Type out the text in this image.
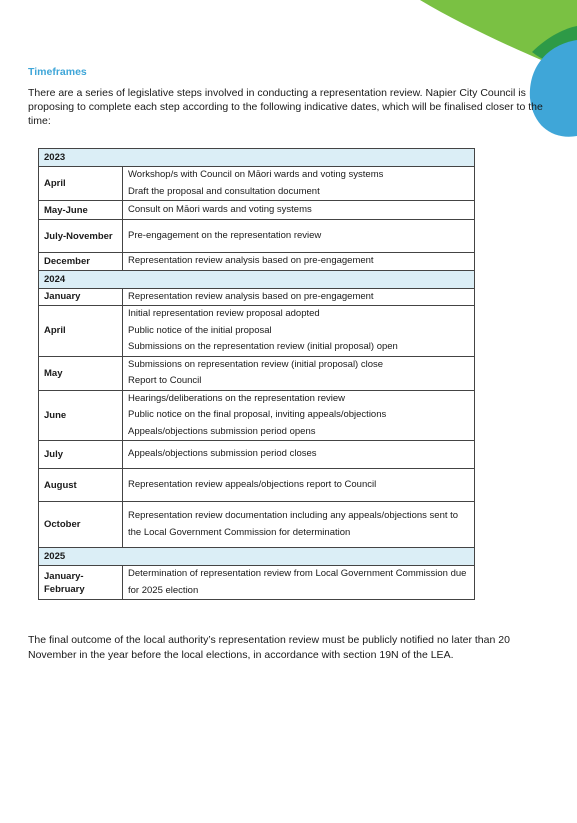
Timeframes

There are a series of legislative steps involved in conducting a representation review. Napier City Council is proposing to complete each step according to the following indicative dates, which will be finalised closer to the time:

2023	
April	Workshop/s with Council on Māori wards and voting systems
Draft the proposal and consultation document

May-June	Consult on Māori wards and voting systems

July-November	Pre-engagement on the representation review

December	Representation review analysis based on pre-engagement

2024	
January	Representation review analysis based on pre-engagement

April	Initial representation review proposal adopted
Public notice of the initial proposal
Submissions on the representation review (initial proposal) open

May	Submissions on representation review (initial proposal) close
Report to Council

June	Hearings/deliberations on the representation review
Public notice on the final proposal, inviting appeals/objections
Appeals/objections submission period opens

July	Appeals/objections submission period closes

August	Representation review appeals/objections report to Council

October	Representation review documentation including any appeals/objections sent to the Local Government Commission for determination

2025	
January-February	Determination of representation review from Local Government Commission due for 2025 election

The final outcome of the local authority’s representation review must be publicly notified no later than 20 November in the year before the local elections, in accordance with section 19N of the LEA.
